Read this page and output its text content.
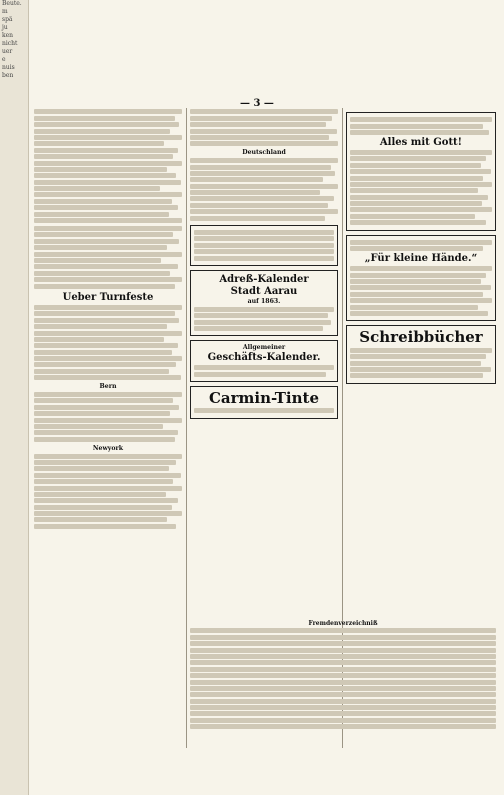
Beute.
m
spä
ju
ken
nicht
uer
e
nuis
ben
— 3 —
Ueber Turnfeste
Bern
Newyork
Deutschland
Adreß-Kalender
Stadt Aarau
auf 1863.
Allgemeiner
Geschäfts-Kalender.
Carmin-Tinte
Alles mit Gott!
„Für kleine Hände.“
Schreibbücher
Fremdenverzeichniß
